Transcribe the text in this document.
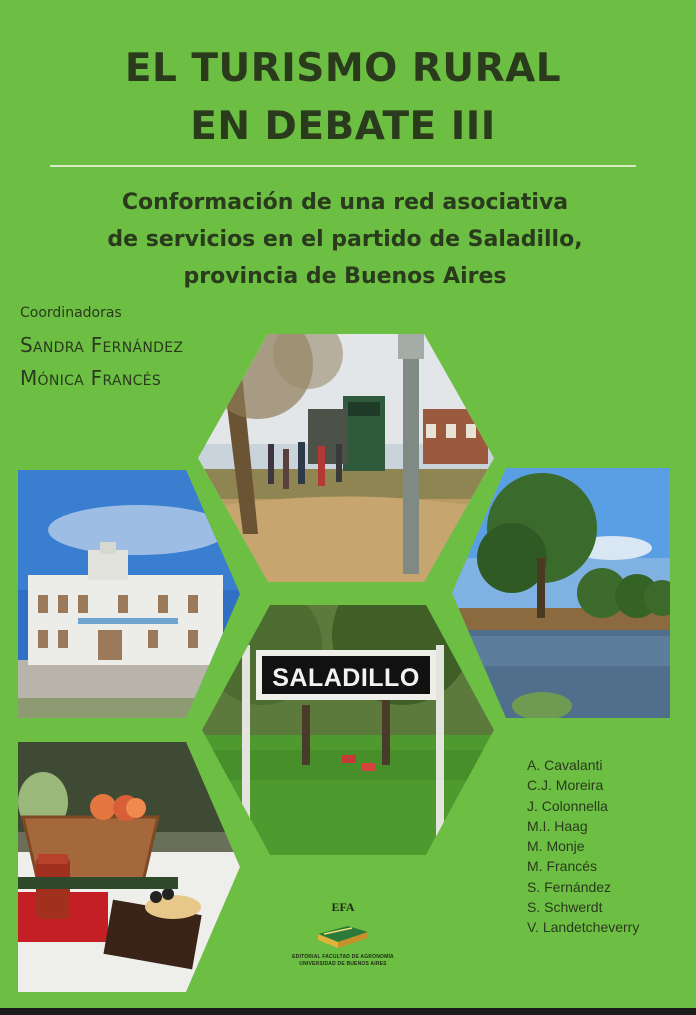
EL TURISMO RURAL
EN DEBATE III
Conformación de una red asociativa
de servicios en el partido de Saladillo,
provincia de Buenos Aires
Coordinadoras
Sandra Fernández
Mónica Francés
SALADILLO
A. Cavalanti
C.J. Moreira
J. Colonnella
M.I. Haag
M. Monje
M. Francés
S. Fernández
S. Schwerdt
V. Landetcheverry
EFA
EDITORIAL FACULTAD DE AGRONOMÍA
UNIVERSIDAD DE BUENOS AIRES
